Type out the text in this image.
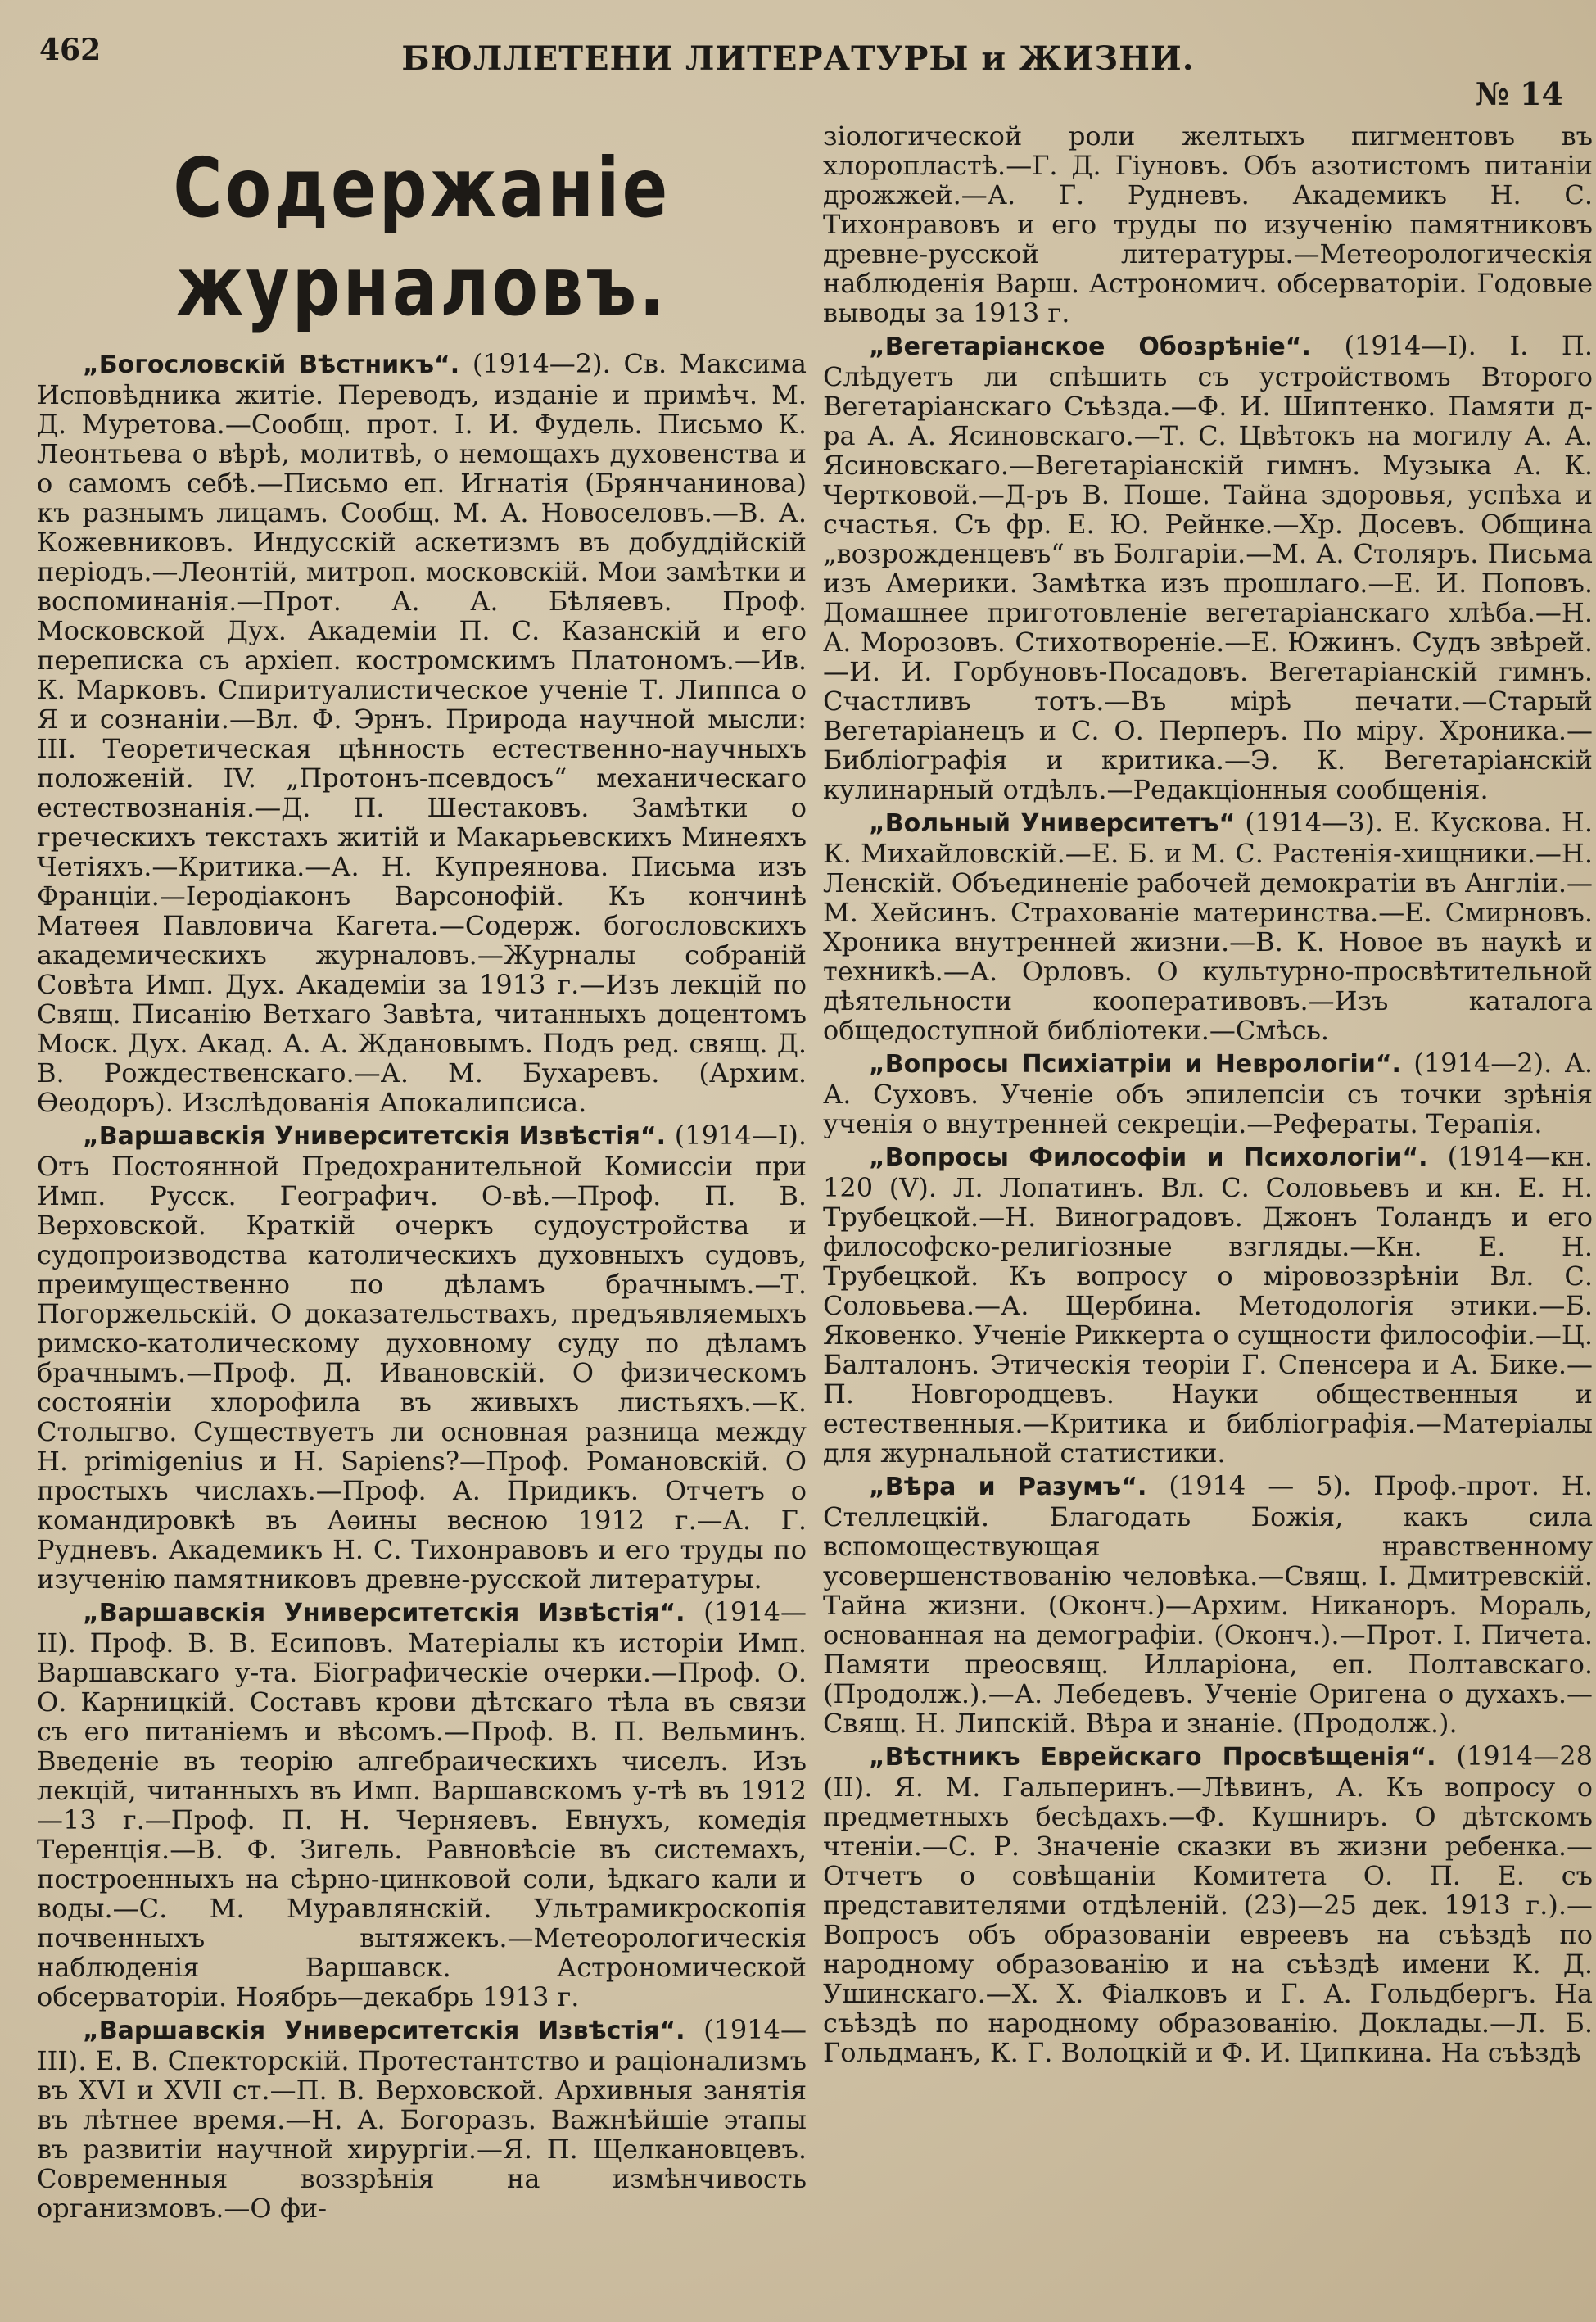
462	БЮЛЛЕТЕНИ ЛИТЕРАТУРЫ и ЖИЗНИ.
№ 14
Содержаніе журналовъ.

„Богословскій Вѣстникъ“. (1914—2). Св. Максима Исповѣдника житіе. Переводъ, изданіе и примѣч. М. Д. Муретова.—Сообщ. прот. І. И. Фудель. Письмо К. Леонтьева о вѣрѣ, молитвѣ, о немощахъ духовенства и о самомъ себѣ.—Письмо еп. Игнатія (Брянчанинова) къ разнымъ лицамъ. Сообщ. М. А. Новоселовъ.—В. А. Кожевниковъ. Индусскій аскетизмъ въ добуддійскій періодъ.—Леонтій, митроп. московскій. Мои замѣтки и воспоминанія.—Прот. А. А. Бѣляевъ. Проф. Московской Дух. Академіи П. С. Казанскій и его переписка съ архіеп. костромскимъ Платономъ.—Ив. К. Марковъ. Спиритуалистическое ученіе Т. Липпса о Я и сознаніи.—Вл. Ф. Эрнъ. Природа научной мысли: III. Теоретическая цѣнность естественно-научныхъ положеній. IV. „Протонъ-псевдосъ“ механическаго естествознанія.—Д. П. Шестаковъ. Замѣтки о греческихъ текстахъ житій и Макарьевскихъ Минеяхъ Четіяхъ.—Критика.—А. Н. Купреянова. Письма изъ Франціи.—Іеродіаконъ Варсонофій. Къ кончинѣ Матѳея Павловича Кагета.—Содерж. богословскихъ академическихъ журналовъ.—Журналы собраній Совѣта Имп. Дух. Академіи за 1913 г.—Изъ лекцій по Свящ. Писанію Ветхаго Завѣта, читанныхъ доцентомъ Моск. Дух. Акад. А. А. Ждановымъ. Подъ ред. свящ. Д. В. Рождественскаго.—А. М. Бухаревъ. (Архим. Ѳеодоръ). Изслѣдованія Апокалипсиса.

„Варшавскія Университетскія Извѣстія“. (1914—I). Отъ Постоянной Предохранительной Комиссіи при Имп. Русск. Географич. О-вѣ.—Проф. П. В. Верховской. Краткій очеркъ судоустройства и судопроизводства католическихъ духовныхъ судовъ, преимущественно по дѣламъ брачнымъ.—Т. Погоржельскій. О доказательствахъ, предъявляемыхъ римско-католическому духовному суду по дѣламъ брачнымъ.—Проф. Д. Ивановскій. О физическомъ состояніи хлорофила въ живыхъ листьяхъ.—К. Столыгво. Существуетъ ли основная разница между H. primigenius и H. Sapiens?—Проф. Романовскій. О простыхъ числахъ.—Проф. А. Придикъ. Отчетъ о командировкѣ въ Аѳины весною 1912 г.—А. Г. Рудневъ. Академикъ Н. С. Тихонравовъ и его труды по изученію памятниковъ древне-русской литературы.

„Варшавскія Университетскія Извѣстія“. (1914—II). Проф. В. В. Есиповъ. Матеріалы къ исторіи Имп. Варшавскаго у-та. Біографическіе очерки.—Проф. О. О. Карницкій. Составъ крови дѣтскаго тѣла въ связи съ его питаніемъ и вѣсомъ.—Проф. В. П. Вельминъ. Введеніе въ теорію алгебраическихъ чиселъ. Изъ лекцій, читанныхъ въ Имп. Варшавскомъ у-тѣ въ 1912—13 г.—Проф. П. Н. Черняевъ. Евнухъ, комедія Теренція.—В. Ф. Зигель. Равновѣсіе въ системахъ, построенныхъ на сѣрно-цинковой соли, ѣдкаго кали и воды.—С. М. Муравлянскій. Ультрамикроскопія почвенныхъ вытяжекъ.—Метеорологическія наблюденія Варшавск. Астрономической обсерваторіи. Ноябрь—декабрь 1913 г.

„Варшавскія Университетскія Извѣстія“. (1914—III). Е. В. Спекторскій. Протестантство и раціонализмъ въ XVI и XVII ст.—П. В. Верховской. Архивныя занятія въ лѣтнее время.—Н. А. Богоразъ. Важнѣйшіе этапы въ развитіи научной хирургіи.—Я. П. Щелкановцевъ. Современныя воззрѣнія на измѣнчивость организмовъ.—О фи-

зіологической роли желтыхъ пигментовъ въ хлоропластѣ.—Г. Д. Гіуновъ. Объ азотистомъ питаніи дрожжей.—А. Г. Рудневъ. Академикъ Н. С. Тихонравовъ и его труды по изученію памятниковъ древне-русской литературы.—Метеорологическія наблюденія Варш. Астрономич. обсерваторіи. Годовые выводы за 1913 г.

„Вегетаріанское Обозрѣніе“. (1914—I). І. П. Слѣдуетъ ли спѣшить съ устройствомъ Второго Вегетаріанскаго Съѣзда.—Ф. И. Шиптенко. Памяти д-ра А. А. Ясиновскаго.—Т. С. Цвѣтокъ на могилу А. А. Ясиновскаго.—Вегетаріанскій гимнъ. Музыка А. К. Чертковой.—Д-ръ В. Поше. Тайна здоровья, успѣха и счастья. Съ фр. Е. Ю. Рейнке.—Хр. Досевъ. Община „возрожденцевъ“ въ Болгаріи.—М. А. Столяръ. Письма изъ Америки. Замѣтка изъ прошлаго.—Е. И. Поповъ. Домашнее приготовленіе вегетаріанскаго хлѣба.—Н. А. Морозовъ. Стихотвореніе.—Е. Южинъ. Судъ звѣрей.—И. И. Горбуновъ-Посадовъ. Вегетаріанскій гимнъ. Счастливъ тотъ.—Въ мірѣ печати.—Старый Вегетаріанецъ и С. О. Перперъ. По міру. Хроника.—Библіографія и критика.—Э. К. Вегетаріанскій кулинарный отдѣлъ.—Редакціонныя сообщенія.

„Вольный Университетъ“ (1914—3). Е. Кускова. Н. К. Михайловскій.—Е. Б. и М. С. Растенія-хищники.—Н. Ленскій. Объединеніе рабочей демократіи въ Англіи.—М. Хейсинъ. Страхованіе материнства.—Е. Смирновъ. Хроника внутренней жизни.—В. К. Новое въ наукѣ и техникѣ.—А. Орловъ. О культурно-просвѣтительной дѣятельности кооперативовъ.—Изъ каталога общедоступной библіотеки.—Смѣсь.

„Вопросы Психіатріи и Неврологіи“. (1914—2). А. А. Суховъ. Ученіе объ эпилепсіи съ точки зрѣнія ученія о внутренней секреціи.—Рефераты. Терапія.

„Вопросы Философіи и Психологіи“. (1914—кн. 120 (V). Л. Лопатинъ. Вл. С. Соловьевъ и кн. Е. Н. Трубецкой.—Н. Виноградовъ. Джонъ Толандъ и его философско-религіозные взгляды.—Кн. Е. Н. Трубецкой. Къ вопросу о міровоззрѣніи Вл. С. Соловьева.—А. Щербина. Методологія этики.—Б. Яковенко. Ученіе Риккерта о сущности философіи.—Ц. Балталонъ. Этическія теоріи Г. Спенсера и А. Бике.—П. Новгородцевъ. Науки общественныя и естественныя.—Критика и библіографія.—Матеріалы для журнальной статистики.

„Вѣра и Разумъ“. (1914 — 5). Проф.-прот. Н. Стеллецкій. Благодать Божія, какъ сила вспомоществующая нравственному усовершенствованію человѣка.—Свящ. І. Дмитревскій. Тайна жизни. (Оконч.)—Архим. Никаноръ. Мораль, основанная на демографіи. (Оконч.).—Прот. І. Пичета. Памяти преосвящ. Илларіона, еп. Полтавскаго. (Продолж.).—А. Лебедевъ. Ученіе Оригена о духахъ.—Свящ. Н. Липскій. Вѣра и знаніе. (Продолж.).

„Вѣстникъ Еврейскаго Просвѣщенія“. (1914—28 (II). Я. М. Гальперинъ.—Лѣвинъ, А. Къ вопросу о предметныхъ бесѣдахъ.—Ф. Кушниръ. О дѣтскомъ чтеніи.—С. Р. Значеніе сказки въ жизни ребенка.—Отчетъ о совѣщаніи Комитета О. П. Е. съ представителями отдѣленій. (23)—25 дек. 1913 г.).—Вопросъ объ образованіи евреевъ на съѣздѣ по народному образованію и на съѣздѣ имени К. Д. Ушинскаго.—Х. Х. Фіалковъ и Г. А. Гольдбергъ. На съѣздѣ по народному образованію. Доклады.—Л. Б. Гольдманъ, К. Г. Волоцкій и Ф. И. Ципкина. На съѣздѣ
